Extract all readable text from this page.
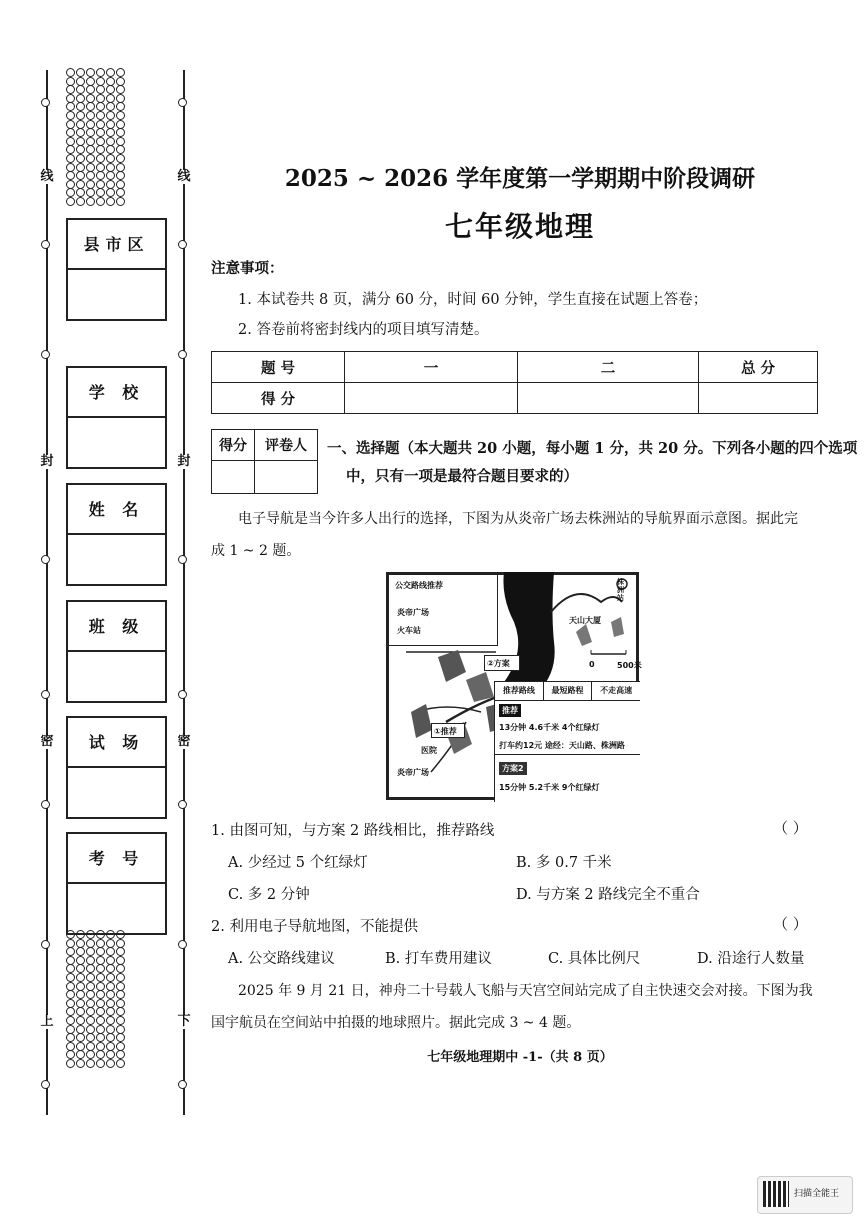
线
封
密
上
线
封
密
下
县市区
学 校
姓 名
班 级
试 场
考 号
2025 ~ 2026 学年度第一学期期中阶段调研
七年级地理
注意事项：
1. 本试卷共 8 页，满分 60 分，时间 60 分钟，学生直接在试题上答卷；
2. 答卷前将密封线内的项目填写清楚。
题 号	一	二	总 分
得 分			
得分	评卷人
	一、选择题（本大题共 20 小题，每小题 1 分，共 20 分。下列各小题的四个选项
中，只有一项是最符合题目要求的）
电子导航是当今许多人出行的选择，下图为从炎帝广场去株洲站的导航界面示意图。据此完
成 1 ~ 2 题。
公交路线推荐
炎帝广场
火车站
株洲站
天山大厦
0	500米
②方案
①推荐
医院
炎帝广场
推荐路线	最短路程	不走高速
推荐
13分钟 4.6千米 4个红绿灯
打车约12元 途经：天山路、株洲路
方案2
15分钟 5.2千米 9个红绿灯
1. 由图可知，与方案 2 路线相比，推荐路线	（ ）
A. 少经过 5 个红绿灯	B. 多 0.7 千米
C. 多 2 分钟	D. 与方案 2 路线完全不重合
2. 利用电子导航地图，不能提供	（ ）
A. 公交路线建议	B. 打车费用建议	C. 具体比例尺	D. 沿途行人数量
2025 年 9 月 21 日，神舟二十号载人飞船与天宫空间站完成了自主快速交会对接。下图为我
国宇航员在空间站中拍摄的地球照片。据此完成 3 ~ 4 题。
七年级地理期中 -1-（共 8 页）
扫描全能王
